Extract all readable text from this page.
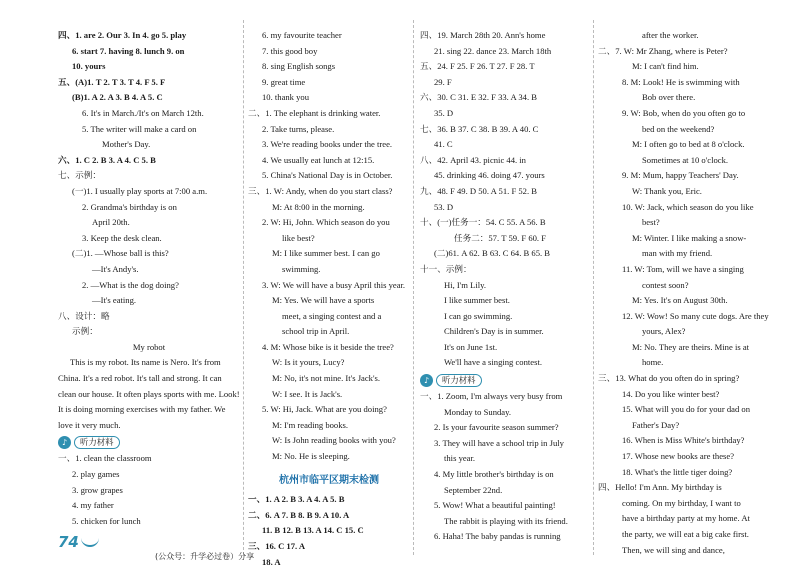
四、1. are 2. Our 3. In 4. go 5. play
6. start 7. having 8. lunch 9. on
10. yours
五、(A)1. T 2. T 3. T 4. F 5. F
(B)1. A 2. A 3. B 4. A 5. C
6. It's in March./It's on March 12th.
5. The writer will make a card on
Mother's Day.
六、1. C 2. B 3. A 4. C 5. B
七、示例：
(一)1. I usually play sports at 7:00 a.m.
2. Grandma's birthday is on
April 20th.
3. Keep the desk clean.
(二)1. —Whose ball is this?
—It's Andy's.
2. —What is the dog doing?
—It's eating.
八、设计：略
示例：
My robot
This is my robot. Its name is Nero. It's from China. It's a red robot. It's tall and strong. It can clean our house. It often plays sports with me. Look! It is doing morning exercises with my father. We love it very much.
♪	听力材料
一、1. clean the classroom
2. play games
3. grow grapes
4. my father
5. chicken for lunch
6. my favourite teacher
7. this good boy
8. sing English songs
9. great time
10. thank you
二、1. The elephant is drinking water.
2. Take turns, please.
3. We're reading books under the tree.
4. We usually eat lunch at 12:15.
5. China's National Day is in October.
三、1. W: Andy, when do you start class?
M: At 8:00 in the morning.
2. W: Hi, John. Which season do you
like best?
M: I like summer best. I can go
swimming.
3. W: We will have a busy April this year.
M: Yes. We will have a sports
meet, a singing contest and a
school trip in April.
4. M: Whose bike is it beside the tree?
W: Is it yours, Lucy?
M: No, it's not mine. It's Jack's.
W: I see. It is Jack's.
5. W: Hi, Jack. What are you doing?
M: I'm reading books.
W: Is John reading books with you?
M: No. He is sleeping.
杭州市临平区期末检测
一、1. A 2. B 3. A 4. A 5. B
二、6. A 7. B 8. B 9. A 10. A
11. B 12. B 13. A 14. C 15. C
三、16. C 17. A
18. A
四、19. March 28th 20. Ann's home
21. sing 22. dance 23. March 18th
五、24. F 25. F 26. T 27. F 28. T
29. F
六、30. C 31. E 32. F 33. A 34. B
35. D
七、36. B 37. C 38. B 39. A 40. C
41. C
八、42. April 43. picnic 44. in
45. drinking 46. doing 47. yours
九、48. F 49. D 50. A 51. F 52. B
53. D
十、(一)任务一：54. C 55. A 56. B
任务二：57. T 59. F 60. F
(二)61. A 62. B 63. C 64. B 65. B
十一、示例：
Hi, I'm Lily.
I like summer best.
I can go swimming.
Children's Day is in summer.
It's on June 1st.
We'll have a singing contest.
♪	听力材料
一、1. Zoom, I'm always very busy from
Monday to Sunday.
2. Is your favourite season summer?
3. They will have a school trip in July
this year.
4. My little brother's birthday is on
September 22nd.
5. Wow! What a beautiful painting!
The rabbit is playing with its friend.
6. Haha! The baby pandas is running
after the worker.
二、7. W: Mr Zhang, where is Peter?
M: I can't find him.
8. M: Look! He is swimming with
Bob over there.
9. W: Bob, when do you often go to
bed on the weekend?
M: I often go to bed at 8 o'clock.
Sometimes at 10 o'clock.
9. M: Mum, happy Teachers' Day.
W: Thank you, Eric.
10. W: Jack, which season do you like
best?
M: Winter. I like making a snow-
man with my friend.
11. W: Tom, will we have a singing
contest soon?
M: Yes. It's on August 30th.
12. W: Wow! So many cute dogs. Are they
yours, Alex?
M: No. They are theirs. Mine is at
home.
三、13. What do you often do in spring?
14. Do you like winter best?
15. What will you do for your dad on
Father's Day?
16. When is Miss White's birthday?
17. Whose new books are these?
18. What's the little tiger doing?
四、Hello! I'm Ann. My birthday is
coming. On my birthday, I want to
have a birthday party at my home. At
the party, we will eat a big cake first.
Then, we will sing and dance,
74
(公众号：升学必过卷）分享
